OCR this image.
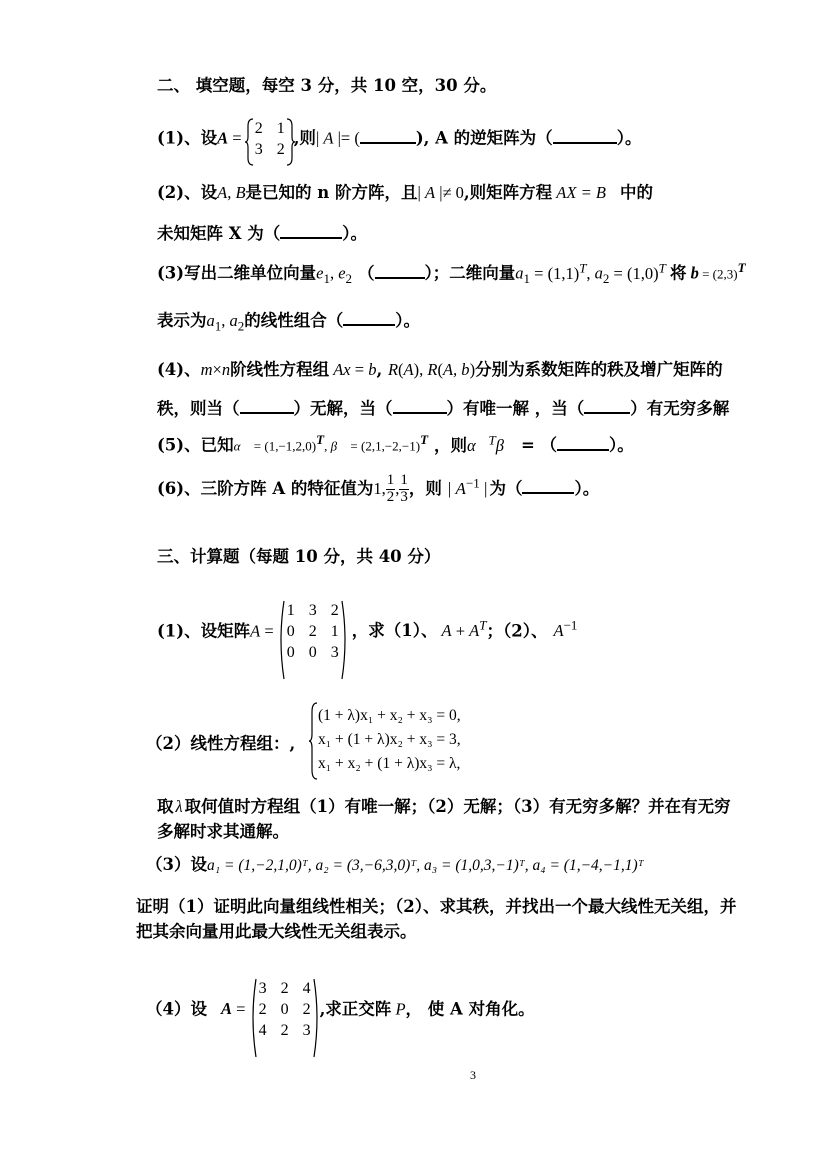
二、 填空题，每空 3 分，共 10 空，30 分。
(1)、设A =
2	1
3	2
,则| A |= (	), A 的逆矩阵为（	）。
(2)、设A, B是已知的 n 阶方阵，且| A |≠ 0,则矩阵方程 AX = B 中的
未知矩阵 X 为（	）。
(3)写出二维单位向量$e_1$, $e_2$ （	）；二维向量$a_1 = (1,1)^T$, $a_2 = (1,0)^T$ 将 $b = (2,3)^T$
表示为$a_1$, $a_2$的线性组合（	）。
(4)、m×n阶线性方程组 Ax = b, R(A), R(A, b)分别为系数矩阵的秩及增广矩阵的
秩，则当（	）无解，当（	）有唯一解 ，当（	）有无穷多解
(5)、已知α⃗ = $(1,-1,2,0)^T$, β⃗ = $(2,1,-2,-1)^T$ ，则α⃗$^T$β⃗ = （	）。
(6)、三阶方阵 A 的特征值为1, $\frac{1}{2}$ , $\frac{1}{3}$ ，则 | $A^{-1}$ | 为（	）。
三、计算题（每题 10 分，共 40 分）
(1)、设矩阵A =
1	3	2
0	2	1
0	0	3
，求（1）、 $A + A^T$；（2）、 $A^{-1}$
（2）线性方程组：,
(1 + λ)x₁ + x₂ + x₃ = 0,
x₁ + (1 + λ)x₂ + x₃ = 3,
x₁ + x₂ + (1 + λ)x₃ = λ,
取 λ 取何值时方程组（1）有唯一解；（2）无解；（3）有无穷多解？并在有无穷
多解时求其通解。
（3）设a₁ = (1,−2,1,0)ᵀ, a₂ = (3,−6,3,0)ᵀ, a₃ = (1,0,3,−1)ᵀ, a₄ = (1,−4,−1,1)ᵀ
证明（1）证明此向量组线性相关；（2）、求其秩，并找出一个最大线性无关组，并
把其余向量用此最大线性无关组表示。
（4）设 A =
3	2	4
2	0	2
4	2	3
,求正交阵 P， 使 A 对角化。
3
